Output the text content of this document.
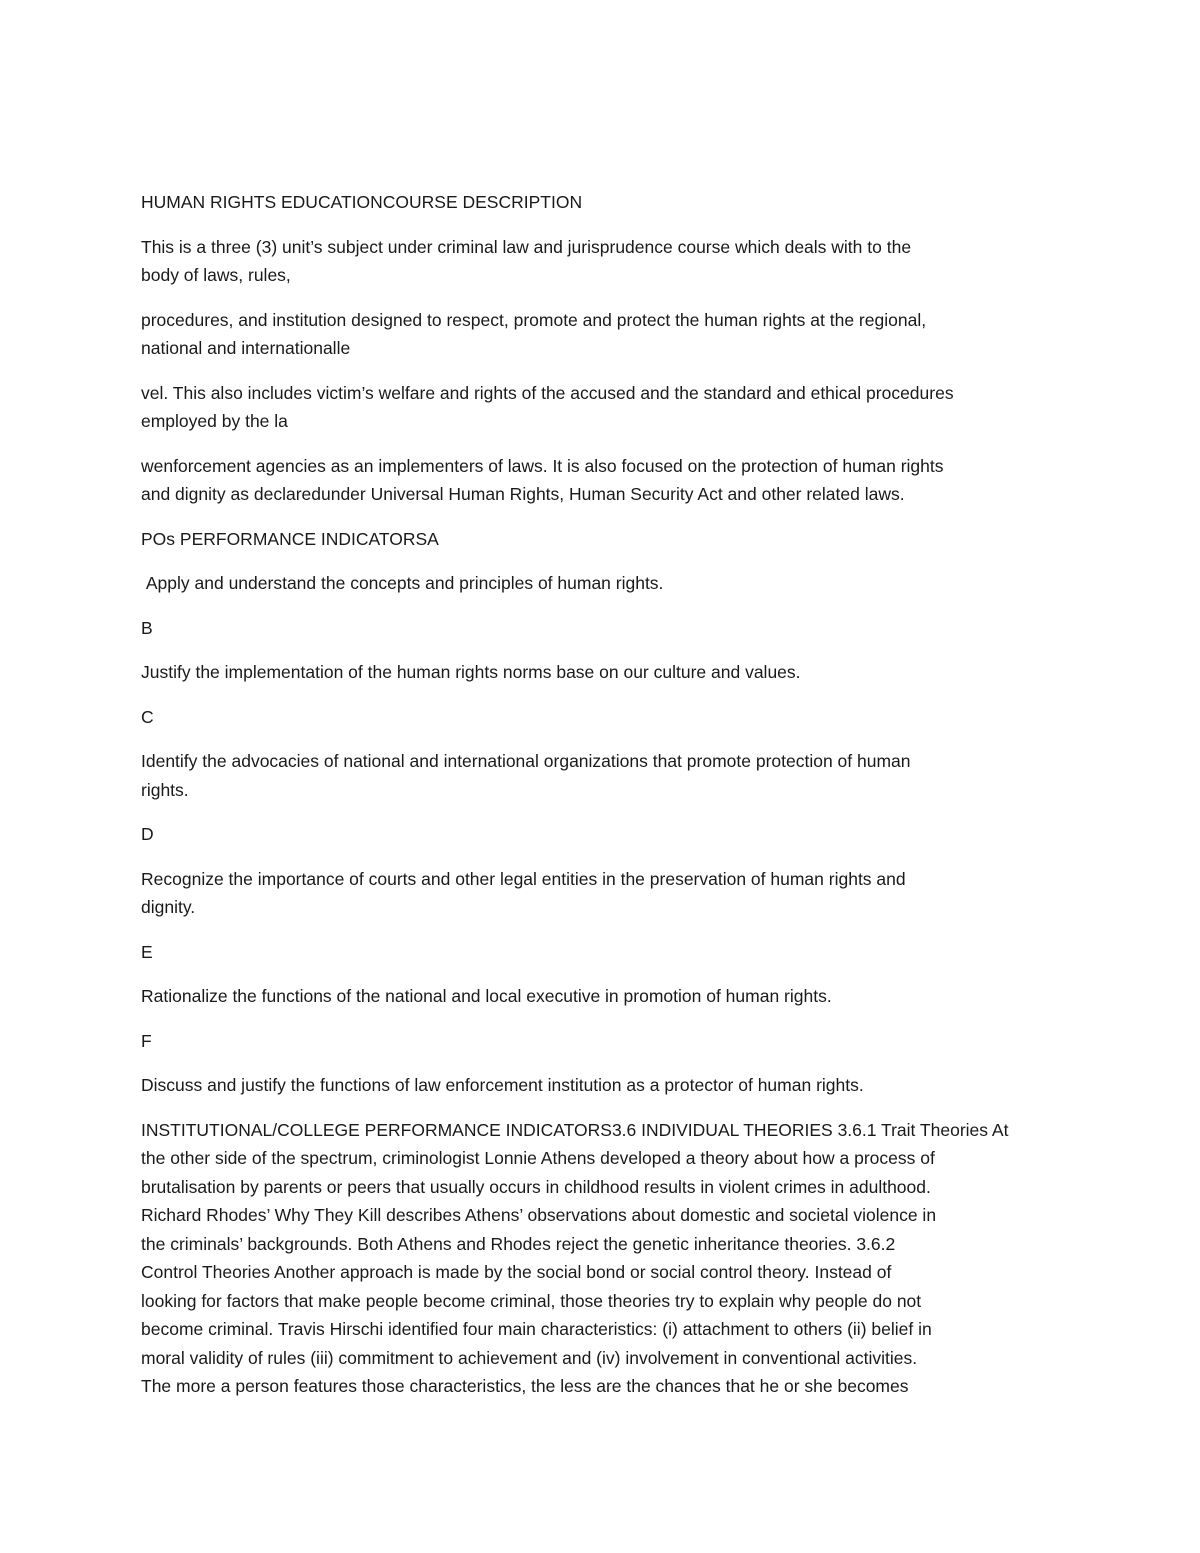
HUMAN RIGHTS EDUCATIONCOURSE DESCRIPTION

This is a three (3) unit’s subject under criminal law and jurisprudence course which deals with to the

body of laws, rules,

procedures, and institution designed to respect, promote and protect the human rights at the regional,

national and internationalle

vel. This also includes victim’s welfare and rights of the accused and the standard and ethical procedures

employed by the la

wenforcement agencies as an implementers of laws. It is also focused on the protection of human rights

and dignity as declaredunder Universal Human Rights, Human Security Act and other related laws.

POs PERFORMANCE INDICATORSA

Apply and understand the concepts and principles of human rights.

B

Justify the implementation of the human rights norms base on our culture and values.

C

Identify the advocacies of national and international organizations that promote protection of human

rights.

D

Recognize the importance of courts and other legal entities in the preservation of human rights and

dignity.

E

Rationalize the functions of the national and local executive in promotion of human rights.

F

Discuss and justify the functions of law enforcement institution as a protector of human rights.

INSTITUTIONAL/COLLEGE PERFORMANCE INDICATORS3.6 INDIVIDUAL THEORIES 3.6.1 Trait Theories At

the other side of the spectrum, criminologist Lonnie Athens developed a theory about how a process of

brutalisation by parents or peers that usually occurs in childhood results in violent crimes in adulthood.

Richard Rhodes’ Why They Kill describes Athens’ observations about domestic and societal violence in

the criminals’ backgrounds. Both Athens and Rhodes reject the genetic inheritance theories. 3.6.2

Control Theories Another approach is made by the social bond or social control theory. Instead of

looking for factors that make people become criminal, those theories try to explain why people do not

become criminal. Travis Hirschi identified four main characteristics: (i) attachment to others (ii) belief in

moral validity of rules (iii) commitment to achievement and (iv) involvement in conventional activities.

The more a person features those characteristics, the less are the chances that he or she becomes
